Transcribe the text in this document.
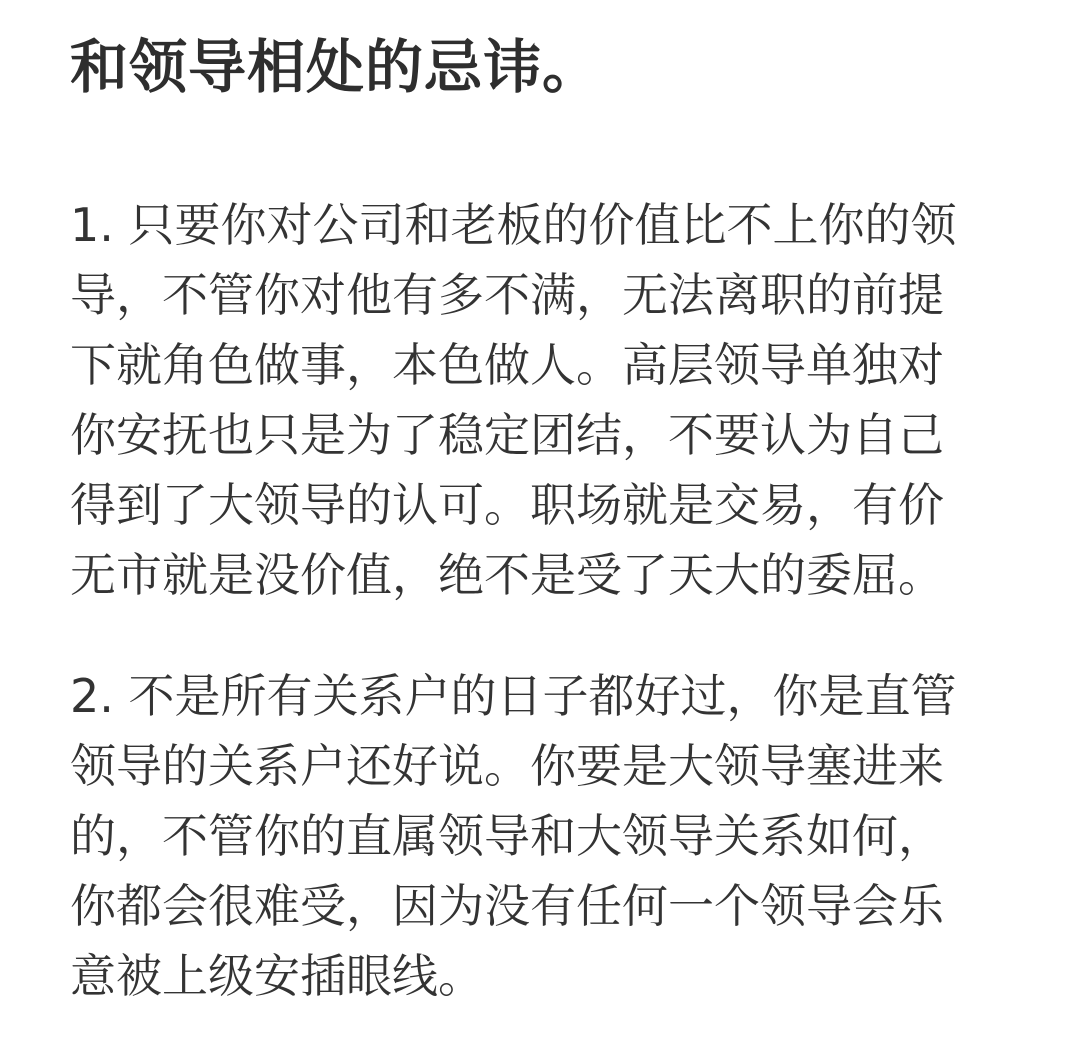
和领导相处的忌讳。

1. 只要你对公司和老板的价值比不上你的领

导，不管你对他有多不满，无法离职的前提

下就角色做事，本色做人。高层领导单独对

你安抚也只是为了稳定团结，不要认为自己

得到了大领导的认可。职场就是交易，有价

无市就是没价值，绝不是受了天大的委屈。

2. 不是所有关系户的日子都好过，你是直管

领导的关系户还好说。你要是大领导塞进来

的，不管你的直属领导和大领导关系如何，

你都会很难受，因为没有任何一个领导会乐

意被上级安插眼线。
